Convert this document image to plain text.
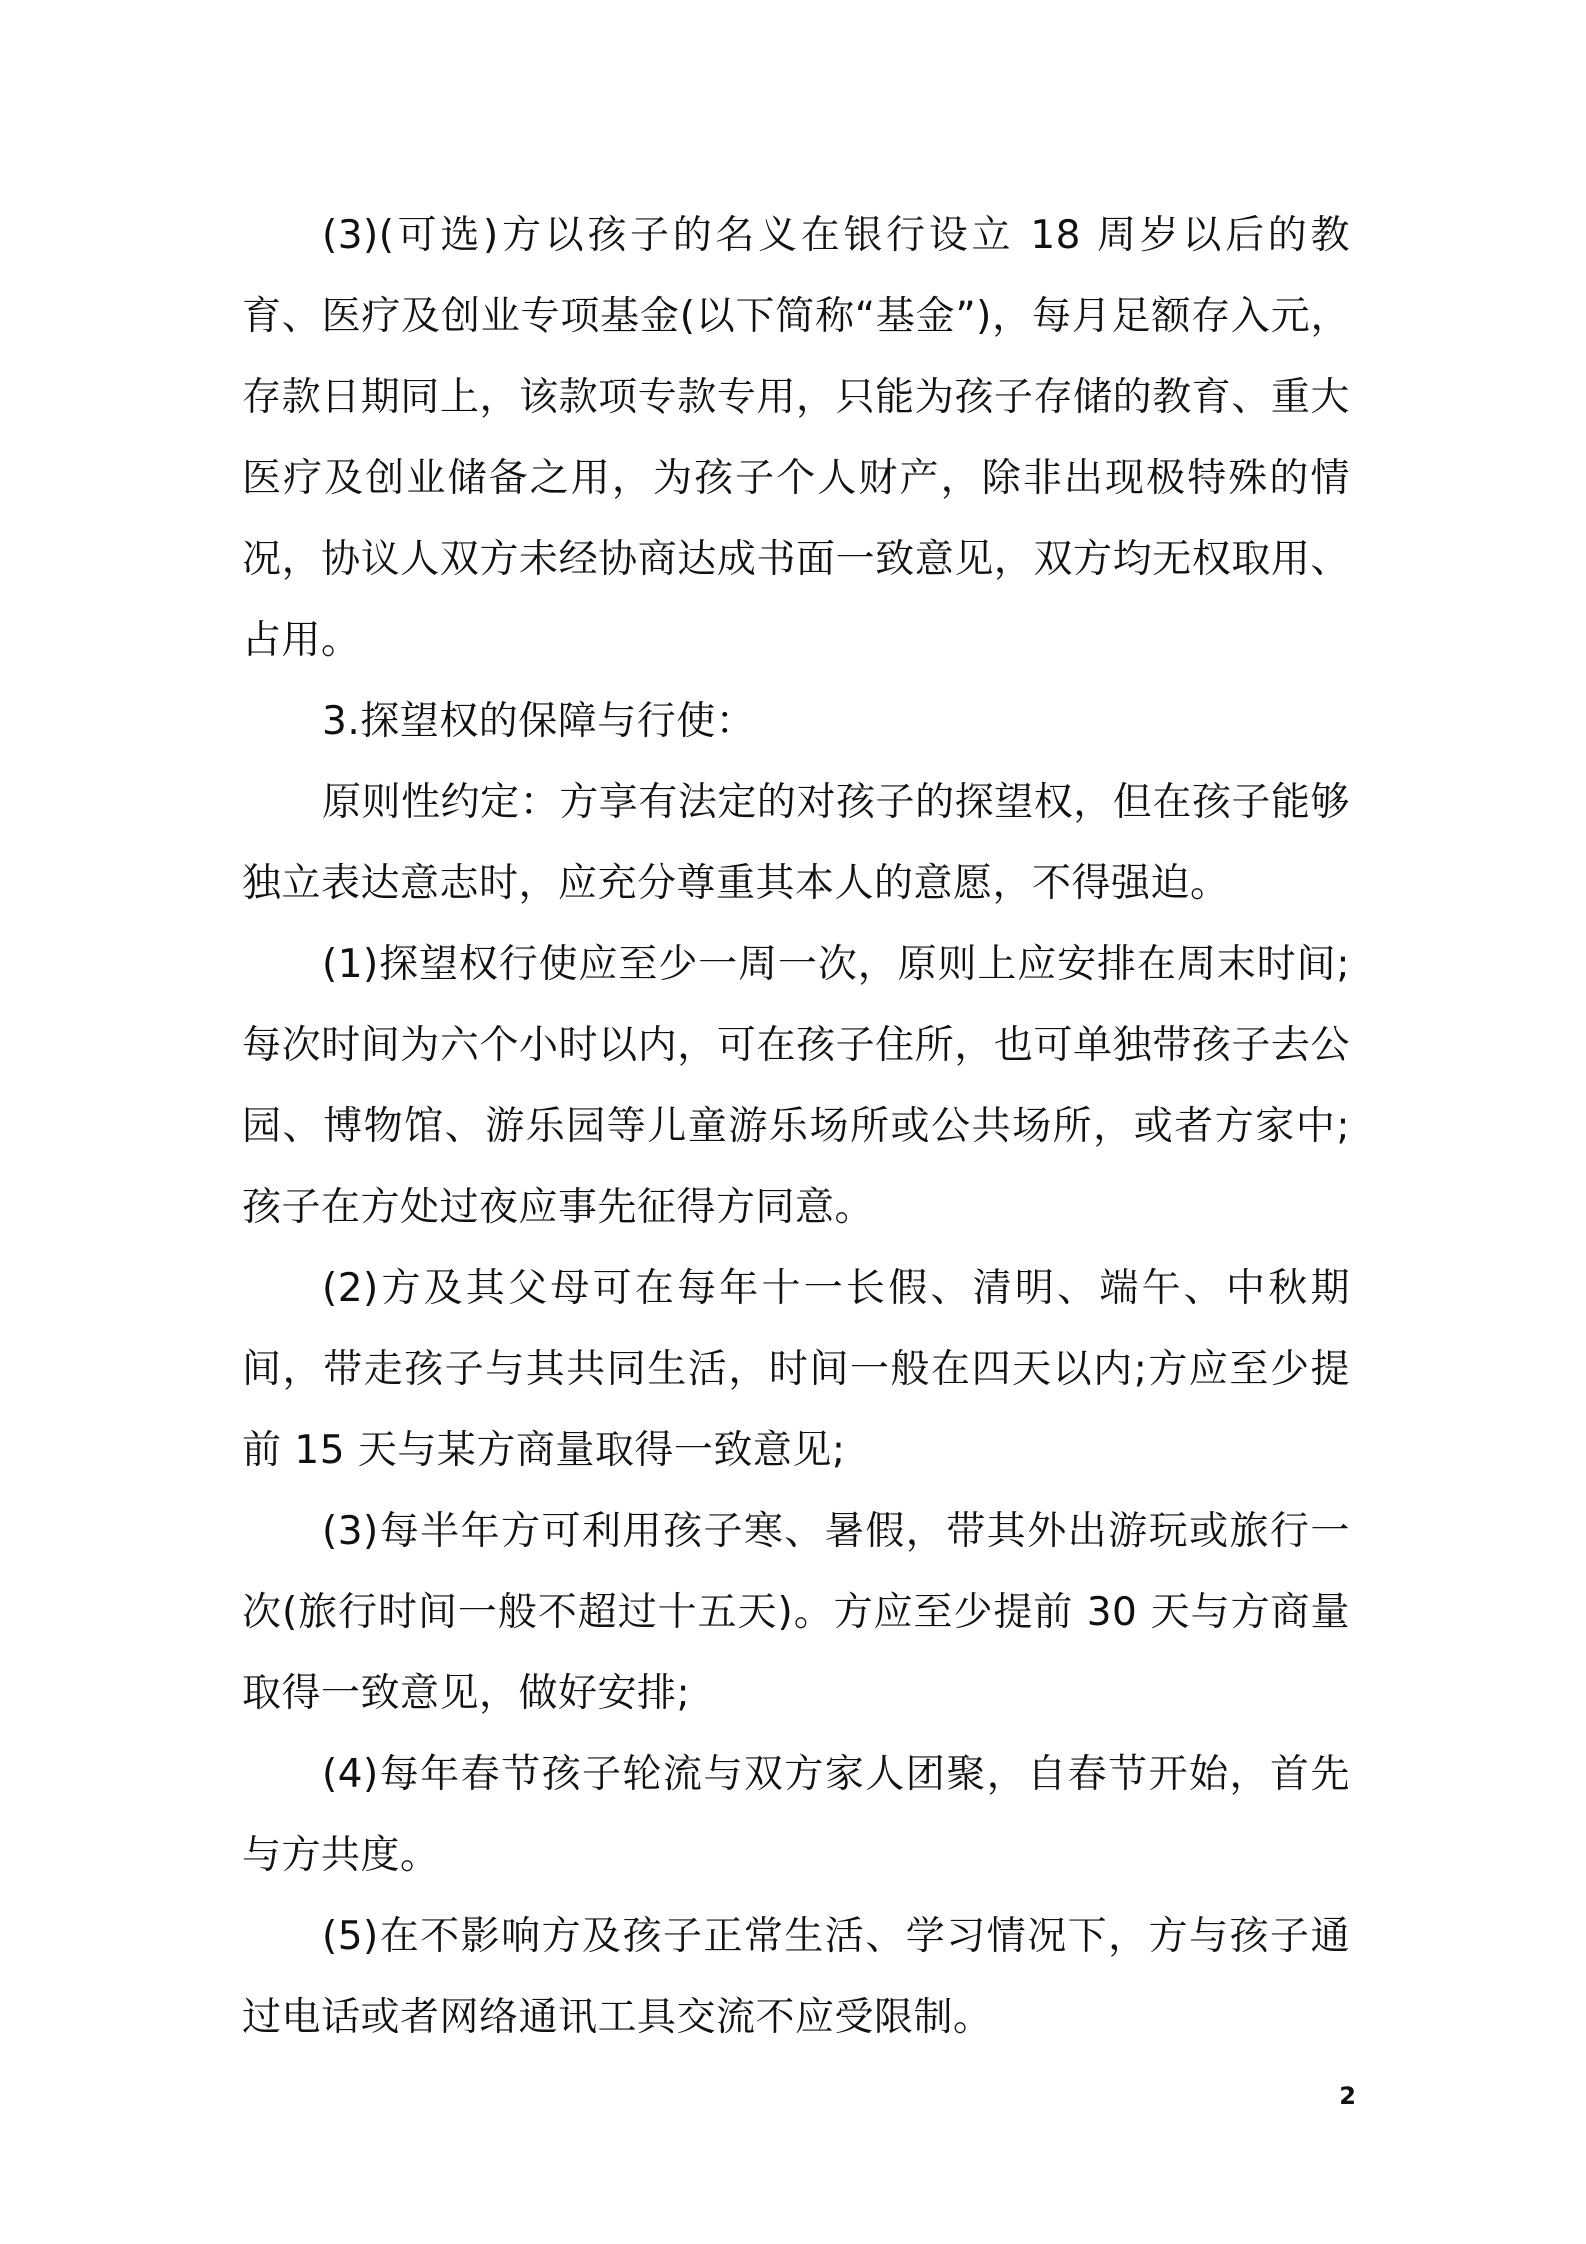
(3)(可选)方以孩子的名义在银行设立 18 周岁以后的教育、医疗及创业专项基金(以下简称“基金”)，每月足额存入元，存款日期同上，该款项专款专用，只能为孩子存储的教育、重大医疗及创业储备之用，为孩子个人财产，除非出现极特殊的情况，协议人双方未经协商达成书面一致意见，双方均无权取用、占用。

3.探望权的保障与行使：

原则性约定：方享有法定的对孩子的探望权，但在孩子能够独立表达意志时，应充分尊重其本人的意愿，不得强迫。

(1)探望权行使应至少一周一次，原则上应安排在周末时间;每次时间为六个小时以内，可在孩子住所，也可单独带孩子去公园、博物馆、游乐园等儿童游乐场所或公共场所，或者方家中;孩子在方处过夜应事先征得方同意。

(2)方及其父母可在每年十一长假、清明、端午、中秋期间，带走孩子与其共同生活，时间一般在四天以内;方应至少提前 15 天与某方商量取得一致意见;

(3)每半年方可利用孩子寒、暑假，带其外出游玩或旅行一次(旅行时间一般不超过十五天)。方应至少提前 30 天与方商量取得一致意见，做好安排;

(4)每年春节孩子轮流与双方家人团聚，自春节开始，首先与方共度。

(5)在不影响方及孩子正常生活、学习情况下，方与孩子通过电话或者网络通讯工具交流不应受限制。

2
